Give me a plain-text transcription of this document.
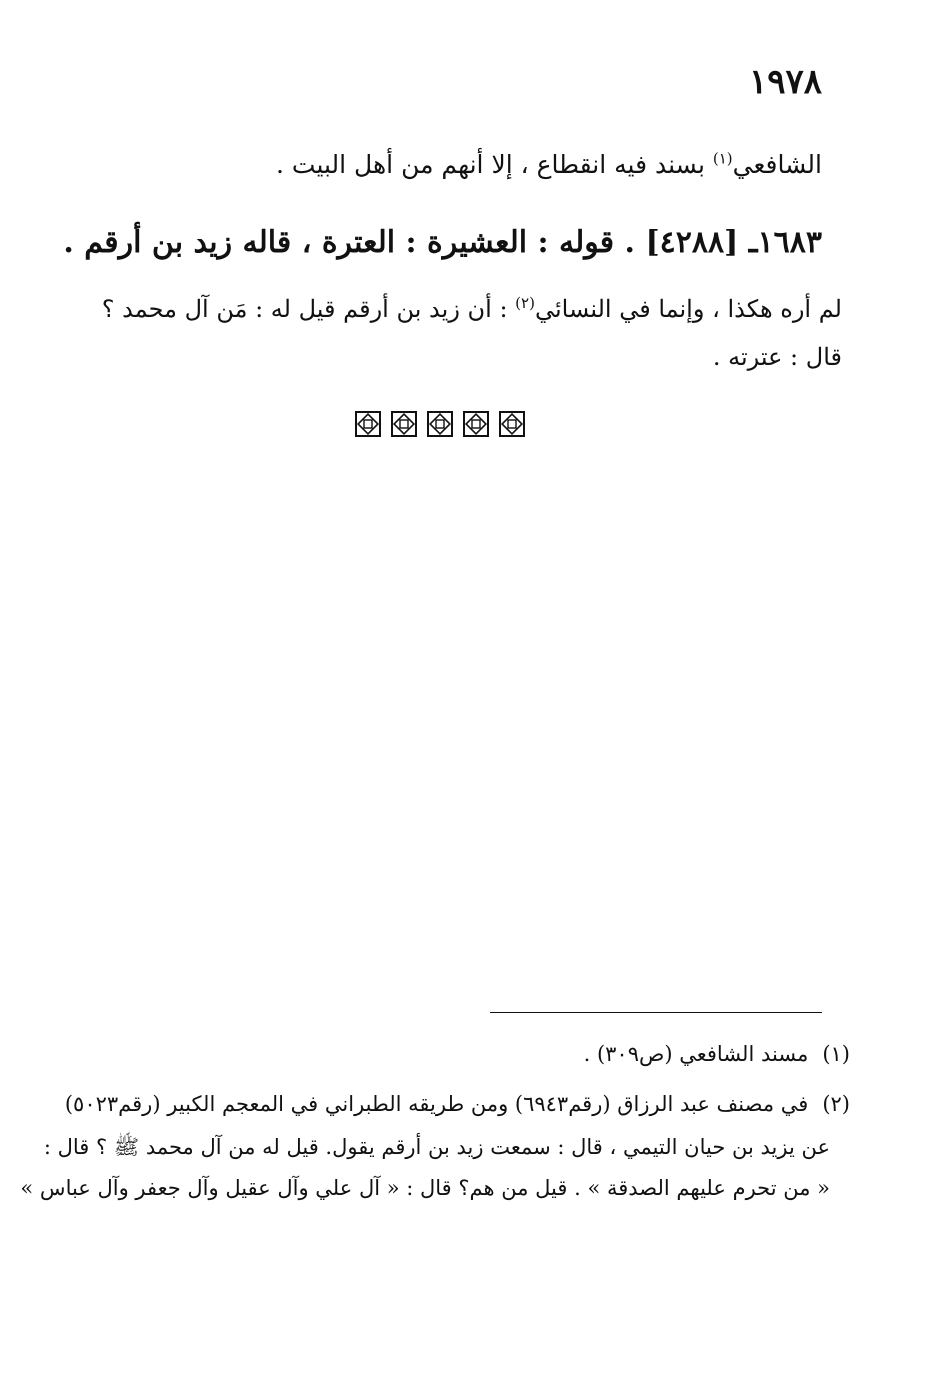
١٩٧٨
الشافعي$^{(١)}$ بسند فيه انقطاع ، إلا أنهم من أهل البيت .
١٦٨٣ـ [٤٢٨٨] . قوله : العشيرة : العترة ، قاله زيد بن أرقم .
لم أره هكذا ، وإنما في النسائي$^{(٢)}$ : أن زيد بن أرقم قيل له : مَن آل محمد ؟
قال : عترته .
(١)مسند الشافعي (ص٣٠٩) .
(٢)في مصنف عبد الرزاق (رقم٦٩٤٣) ومن طريقه الطبراني في المعجم الكبير (رقم٥٠٢٣)
عن يزيد بن حيان التيمي ، قال : سمعت زيد بن أرقم يقول. قيل له من آل محمد ﷺ ؟ قال :
« من تحرم عليهم الصدقة » . قيل من هم؟ قال : « آل علي وآل عقيل وآل جعفر وآل عباس »
